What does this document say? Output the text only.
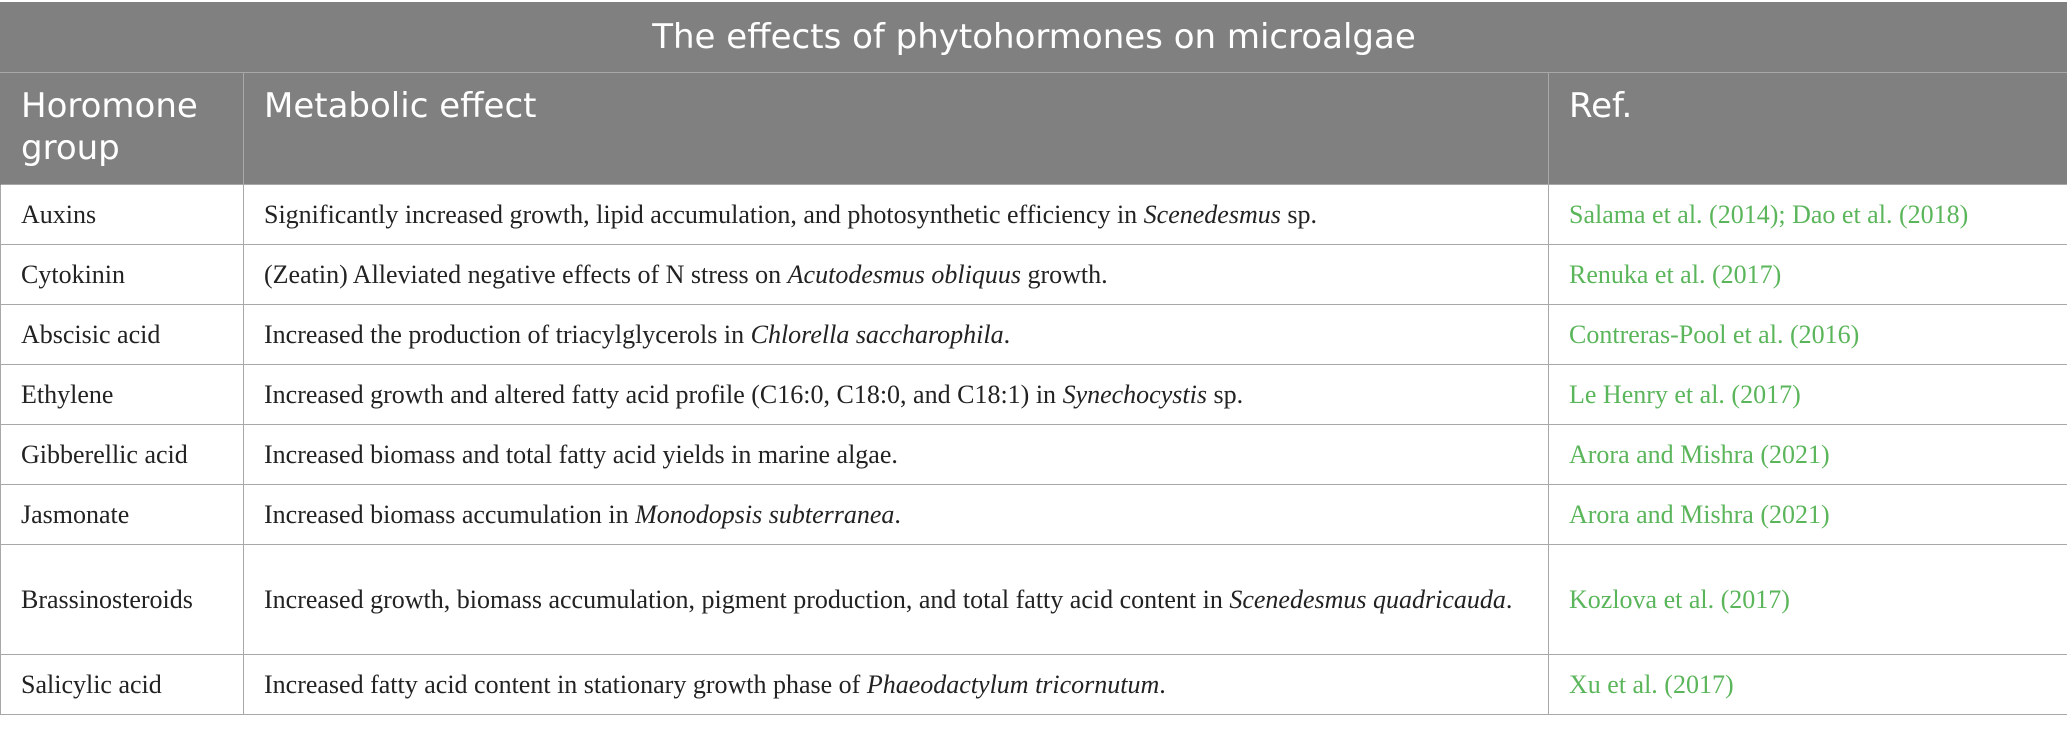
The effects of phytohormones on microalgae		
Horomone group	Metabolic effect	Ref.
Auxins	Significantly increased growth, lipid accumulation, and photosynthetic efficiency in Scenedesmus sp.	Salama et al. (2014); Dao et al. (2018)
Cytokinin	(Zeatin) Alleviated negative effects of N stress on Acutodesmus obliquus growth.	Renuka et al. (2017)
Abscisic acid	Increased the production of triacylglycerols in Chlorella saccharophila.	Contreras-Pool et al. (2016)
Ethylene	Increased growth and altered fatty acid profile (C16:0, C18:0, and C18:1) in Synechocystis sp.	Le Henry et al. (2017)
Gibberellic acid	Increased biomass and total fatty acid yields in marine algae.	Arora and Mishra (2021)
Jasmonate	Increased biomass accumulation in Monodopsis subterranea.	Arora and Mishra (2021)
Brassinosteroids	Increased growth, biomass accumulation, pigment production, and total fatty acid content in Scenedesmus quadricauda.	Kozlova et al. (2017)
Salicylic acid	Increased fatty acid content in stationary growth phase of Phaeodactylum tricornutum.	Xu et al. (2017)
